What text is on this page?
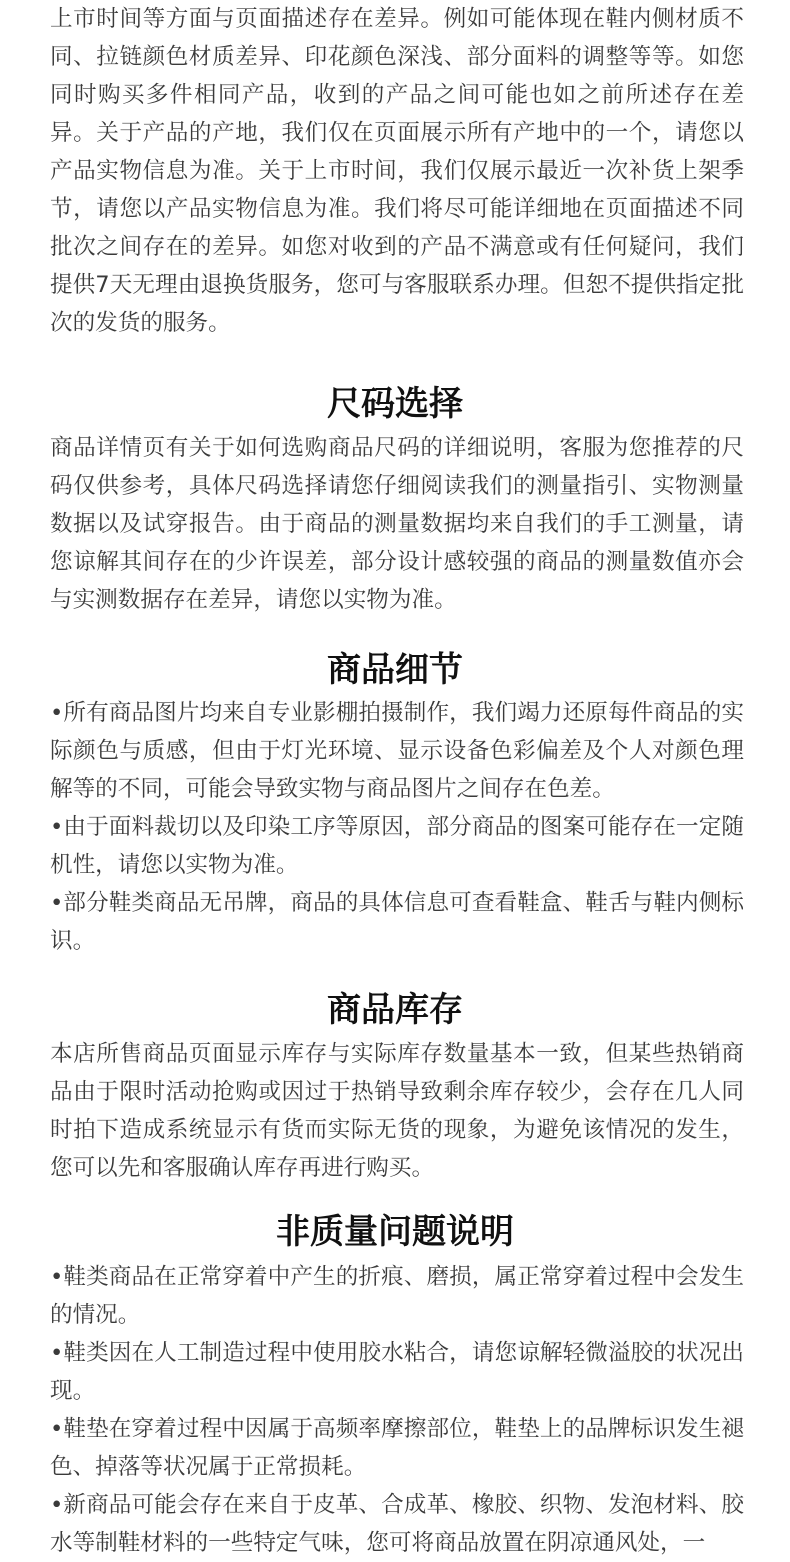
上市时间等方面与页面描述存在差异。例如可能体现在鞋内侧材质不同、拉链颜色材质差异、印花颜色深浅、部分面料的调整等等。如您同时购买多件相同产品，收到的产品之间可能也如之前所述存在差异。关于产品的产地，我们仅在页面展示所有产地中的一个，请您以产品实物信息为准。关于上市时间，我们仅展示最近一次补货上架季节，请您以产品实物信息为准。我们将尽可能详细地在页面描述不同批次之间存在的差异。如您对收到的产品不满意或有任何疑问，我们提供7天无理由退换货服务，您可与客服联系办理。但恕不提供指定批次的发货的服务。

尺码选择

商品详情页有关于如何选购商品尺码的详细说明，客服为您推荐的尺码仅供参考，具体尺码选择请您仔细阅读我们的测量指引、实物测量数据以及试穿报告。由于商品的测量数据均来自我们的手工测量，请您谅解其间存在的少许误差，部分设计感较强的商品的测量数值亦会与实测数据存在差异，请您以实物为准。

商品细节

•所有商品图片均来自专业影棚拍摄制作，我们竭力还原每件商品的实际颜色与质感，但由于灯光环境、显示设备色彩偏差及个人对颜色理解等的不同，可能会导致实物与商品图片之间存在色差。

•由于面料裁切以及印染工序等原因，部分商品的图案可能存在一定随机性，请您以实物为准。

•部分鞋类商品无吊牌，商品的具体信息可查看鞋盒、鞋舌与鞋内侧标识。

商品库存

本店所售商品页面显示库存与实际库存数量基本一致，但某些热销商品由于限时活动抢购或因过于热销导致剩余库存较少，会存在几人同时拍下造成系统显示有货而实际无货的现象，为避免该情况的发生，您可以先和客服确认库存再进行购买。

非质量问题说明

•鞋类商品在正常穿着中产生的折痕、磨损，属正常穿着过程中会发生的情况。

•鞋类因在人工制造过程中使用胶水粘合，请您谅解轻微溢胶的状况出现。

•鞋垫在穿着过程中因属于高频率摩擦部位，鞋垫上的品牌标识发生褪色、掉落等状况属于正常损耗。

•新商品可能会存在来自于皮革、合成革、橡胶、织物、发泡材料、胶水等制鞋材料的一些特定气味，您可将商品放置在阴凉通风处，一
